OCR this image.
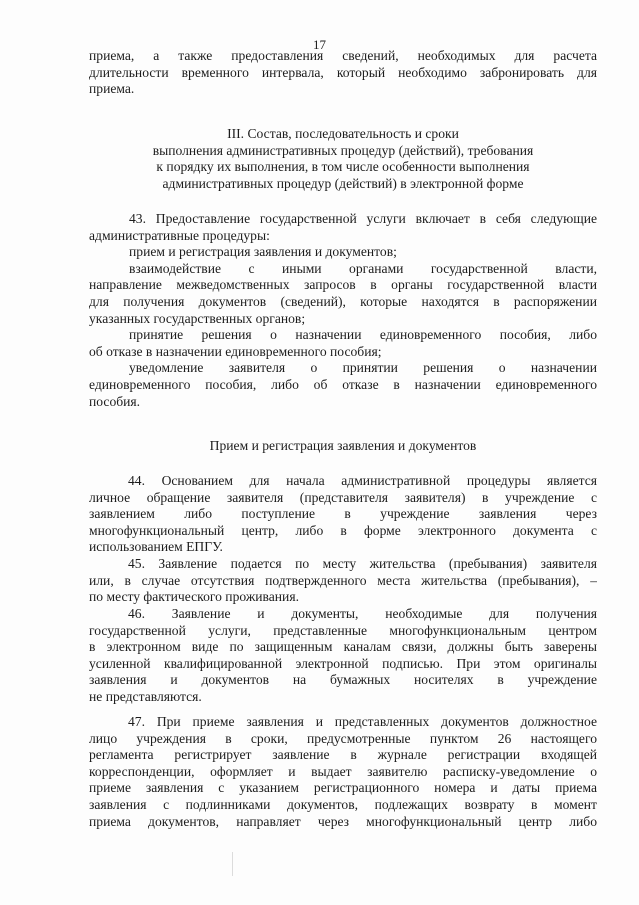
17
приема, а также предоставления сведений, необходимых для расчета
длительности временного интервала, который необходимо забронировать для
приема.
III. Состав, последовательность и сроки
выполнения административных процедур (действий), требования
к порядку их выполнения, в том числе особенности выполнения
административных процедур (действий) в электронной форме
43. Предоставление государственной услуги включает в себя следующие
административные процедуры:
прием и регистрация заявления и документов;
взаимодействие с иными органами государственной власти,
направление межведомственных запросов в органы государственной власти
для получения документов (сведений), которые находятся в распоряжении
указанных государственных органов;
принятие решения о назначении единовременного пособия, либо
об отказе в назначении единовременного пособия;
уведомление заявителя о принятии решения о назначении
единовременного пособия, либо об отказе в назначении единовременного
пособия.
Прием и регистрация заявления и документов
44. Основанием для начала административной процедуры является
личное обращение заявителя (представителя заявителя) в учреждение с
заявлением либо поступление в учреждение заявления через
многофункциональный центр, либо в форме электронного документа с
использованием ЕПГУ.
45. Заявление подается по месту жительства (пребывания) заявителя
или, в случае отсутствия подтвержденного места жительства (пребывания), –
по месту фактического проживания.
46. Заявление и документы, необходимые для получения
государственной услуги, представленные многофункциональным центром
в электронном виде по защищенным каналам связи, должны быть заверены
усиленной квалифицированной электронной подписью. При этом оригиналы
заявления и документов на бумажных носителях в учреждение
не представляются.
47. При приеме заявления и представленных документов должностное
лицо учреждения в сроки, предусмотренные пунктом 26 настоящего
регламента регистрирует заявление в журнале регистрации входящей
корреспонденции, оформляет и выдает заявителю расписку-уведомление о
приеме заявления с указанием регистрационного номера и даты приема
заявления с подлинниками документов, подлежащих возврату в момент
приема документов, направляет через многофункциональный центр либо
